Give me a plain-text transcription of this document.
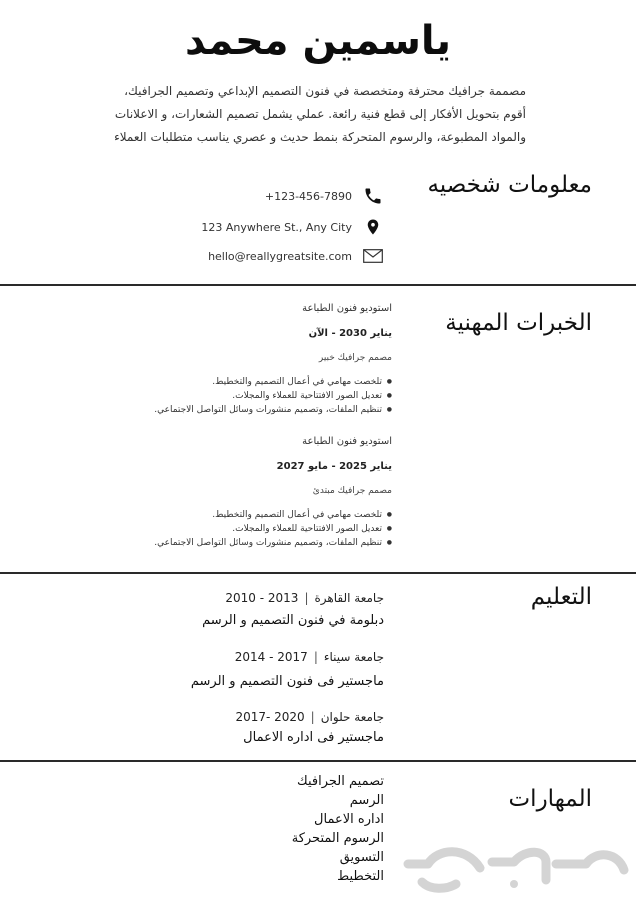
ياسمين محمد
مصممة جرافيك محترفة ومتخصصة في فنون التصميم الإبداعي وتصميم الجرافيك،
أقوم بتحويل الأفكار إلى قطع فنية رائعة. عملي يشمل تصميم الشعارات، و الاعلانات
والمواد المطبوعة، والرسوم المتحركة بنمط حديث و عصري يناسب متطلبات العملاء
معلومات شخصيه
+123-456-7890
123 Anywhere St., Any City
hello@reallygreatsite.com
الخبرات المهنية
استوديو فنون الطباعة
يناير 2030 - الآن
مصمم جرافيك خبير
● تلخصت مهامي في أعمال التصميم والتخطيط.
● تعديل الصور الافتتاحية للعملاء والمجلات.
● تنظيم الملفات، وتصميم منشورات وسائل التواصل الاجتماعي.
استوديو فنون الطباعة
يناير 2025 - مايو 2027
مصمم جرافيك مبتدئ
● تلخصت مهامي في أعمال التصميم والتخطيط.
● تعديل الصور الافتتاحية للعملاء والمجلات.
● تنظيم الملفات، وتصميم منشورات وسائل التواصل الاجتماعي.
التعليم
جامعة القاهرة|2010 - 2013
دبلومة في فنون التصميم و الرسم
جامعة سيناء|2014 - 2017
ماجستير فى فنون التصميم و الرسم
جامعة حلوان|2017- 2020
ماجستير فى اداره الاعمال
المهارات
تصميم الجرافيك
الرسم
اداره الاعمال
الرسوم المتحركة
التسويق
التخطيط
